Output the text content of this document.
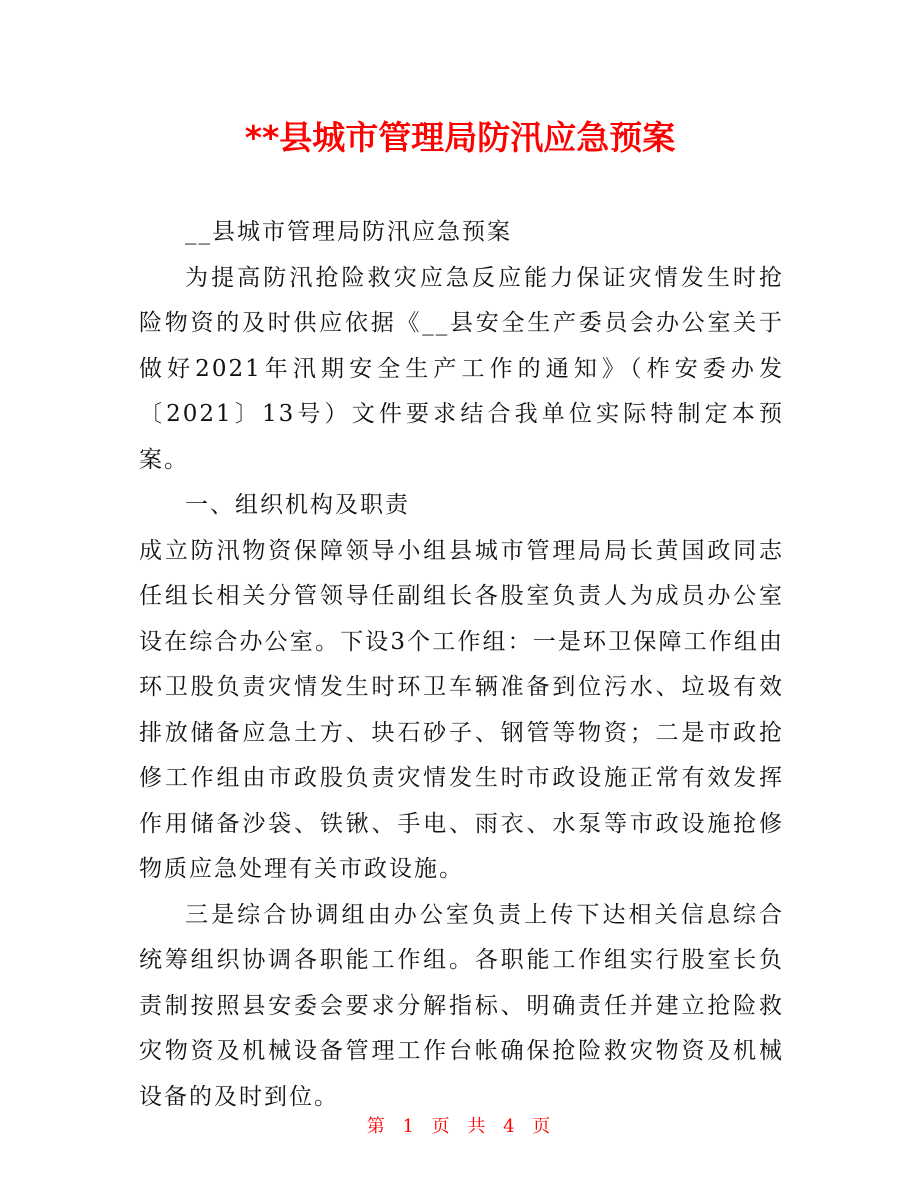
**县城市管理局防汛应急预案

__县城市管理局防汛应急预案

为提高防汛抢险救灾应急反应能力保证灾情发生时抢险物资的及时供应依据《__县安全生产委员会办公室关于做好2021年汛期安全生产工作的通知》（柞安委办发〔2021〕13号）文件要求结合我单位实际特制定本预案。

一、组织机构及职责

成立防汛物资保障领导小组县城市管理局局长黄国政同志任组长相关分管领导任副组长各股室负责人为成员办公室设在综合办公室。下设3个工作组：一是环卫保障工作组由环卫股负责灾情发生时环卫车辆准备到位污水、垃圾有效排放储备应急土方、块石砂子、钢管等物资；二是市政抢修工作组由市政股负责灾情发生时市政设施正常有效发挥作用储备沙袋、铁锹、手电、雨衣、水泵等市政设施抢修物质应急处理有关市政设施。

三是综合协调组由办公室负责上传下达相关信息综合统筹组织协调各职能工作组。各职能工作组实行股室长负责制按照县安委会要求分解指标、明确责任并建立抢险救灾物资及机械设备管理工作台帐确保抢险救灾物资及机械设备的及时到位。

第 1 页 共 4 页
